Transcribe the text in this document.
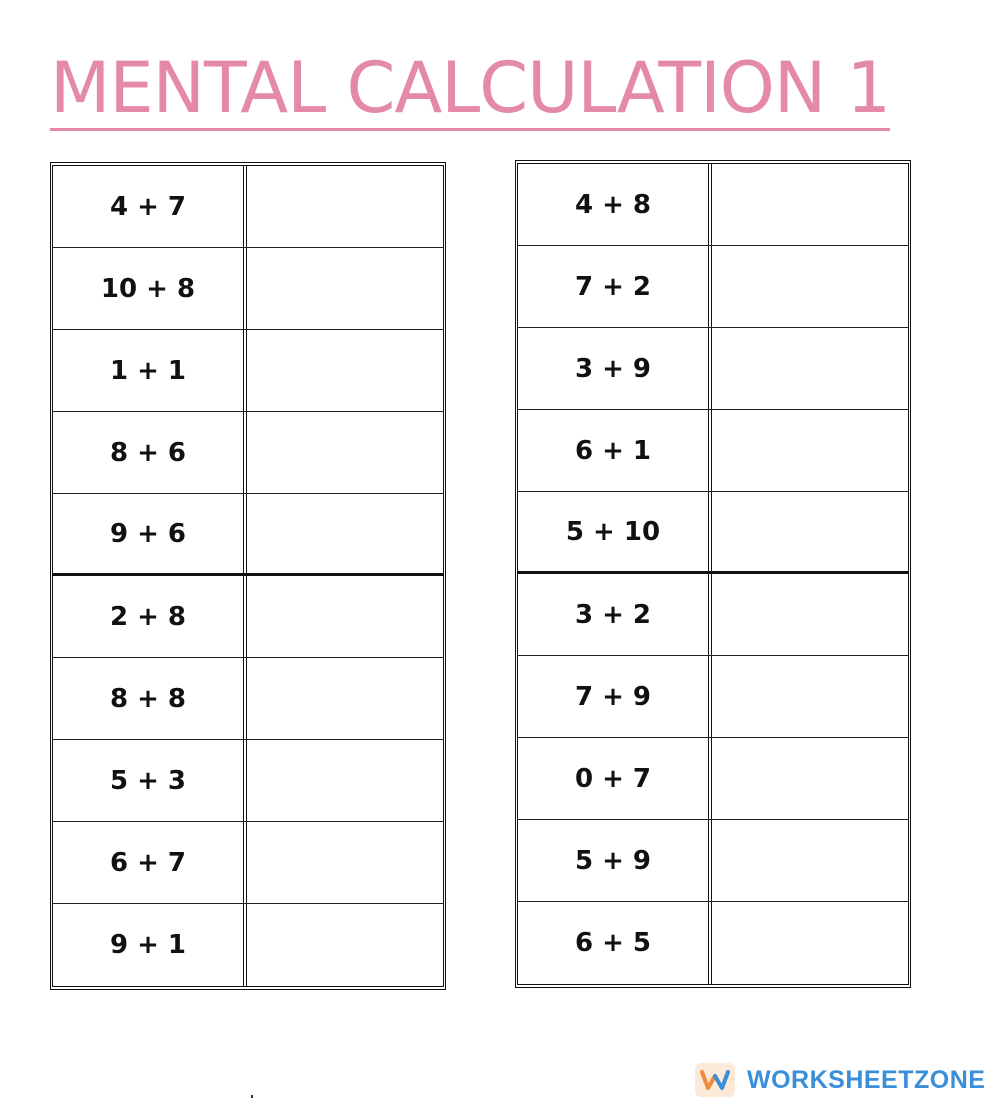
MENTAL CALCULATION 1
4 + 7
10 + 8
1 + 1
8 + 6
9 + 6
2 + 8
8 + 8
5 + 3
6 + 7
9 + 1
4 + 8
7 + 2
3 + 9
6 + 1
5 + 10
3 + 2
7 + 9
0 + 7
5 + 9
6 + 5
WORKSHEETZONE
